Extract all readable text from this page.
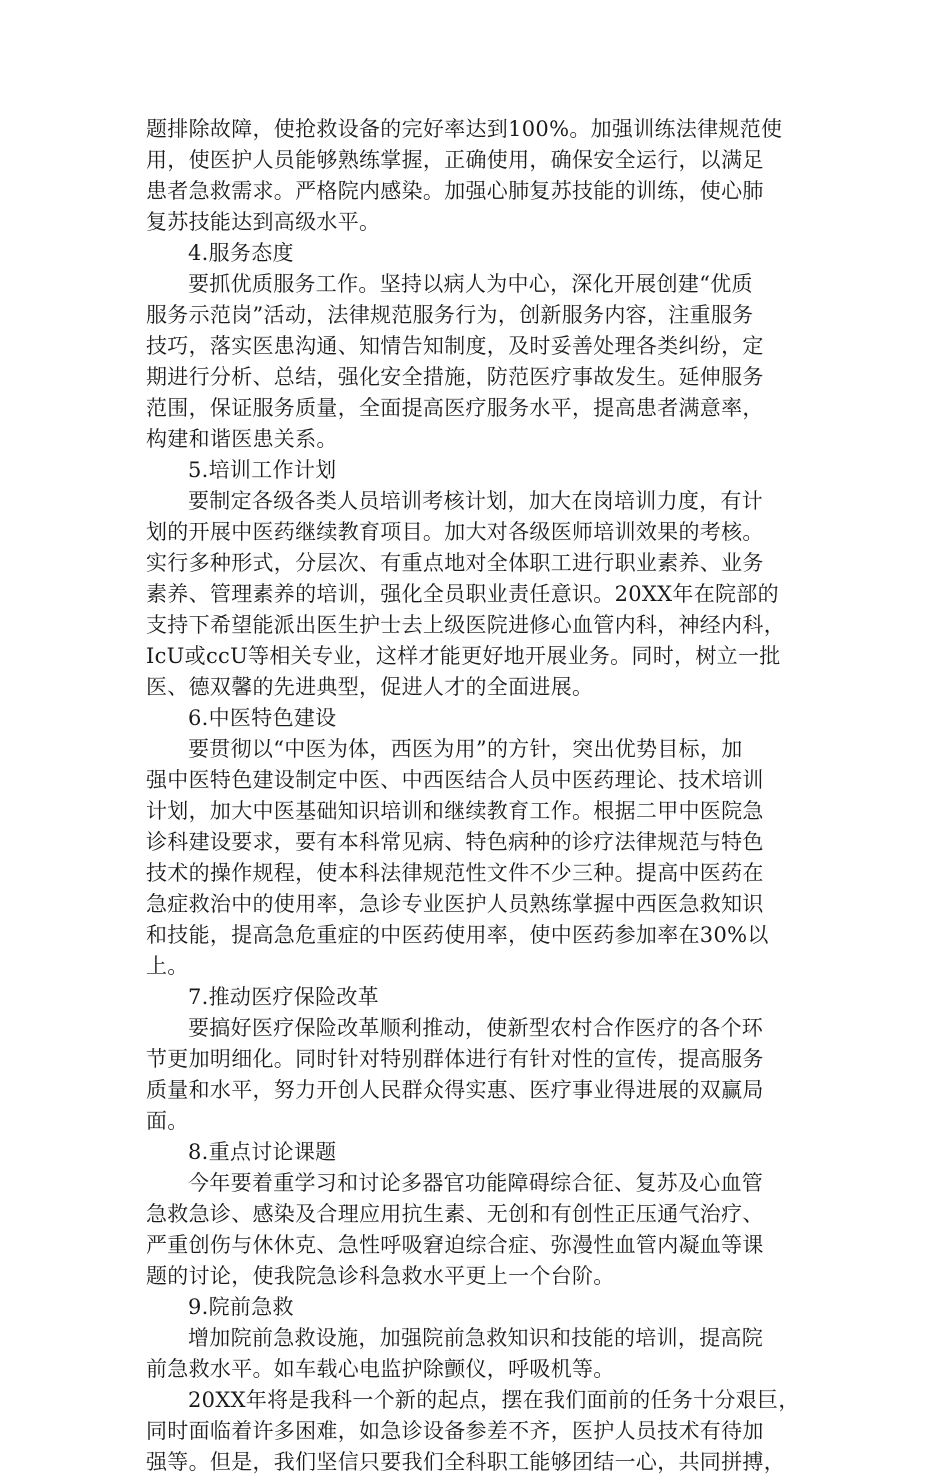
题排除故障，使抢救设备的完好率达到100%。加强训练法律规范使
用，使医护人员能够熟练掌握，正确使用，确保安全运行，以满足
患者急救需求。严格院内感染。加强心肺复苏技能的训练，使心肺
复苏技能达到高级水平。
4.服务态度
要抓优质服务工作。坚持以病人为中心，深化开展创建“优质
服务示范岗”活动，法律规范服务行为，创新服务内容，注重服务
技巧，落实医患沟通、知情告知制度，及时妥善处理各类纠纷，定
期进行分析、总结，强化安全措施，防范医疗事故发生。延伸服务
范围，保证服务质量，全面提高医疗服务水平，提高患者满意率，
构建和谐医患关系。
5.培训工作计划
要制定各级各类人员培训考核计划，加大在岗培训力度，有计
划的开展中医药继续教育项目。加大对各级医师培训效果的考核。
实行多种形式，分层次、有重点地对全体职工进行职业素养、业务
素养、管理素养的培训，强化全员职业责任意识。20XX年在院部的
支持下希望能派出医生护士去上级医院进修心血管内科，神经内科，
IcU或ccU等相关专业，这样才能更好地开展业务。同时，树立一批
医、德双馨的先进典型，促进人才的全面进展。
6.中医特色建设
要贯彻以“中医为体，西医为用”的方针，突出优势目标，加
强中医特色建设制定中医、中西医结合人员中医药理论、技术培训
计划，加大中医基础知识培训和继续教育工作。根据二甲中医院急
诊科建设要求，要有本科常见病、特色病种的诊疗法律规范与特色
技术的操作规程，使本科法律规范性文件不少三种。提高中医药在
急症救治中的使用率，急诊专业医护人员熟练掌握中西医急救知识
和技能，提高急危重症的中医药使用率，使中医药参加率在30%以
上。
7.推动医疗保险改革
要搞好医疗保险改革顺利推动，使新型农村合作医疗的各个环
节更加明细化。同时针对特别群体进行有针对性的宣传，提高服务
质量和水平，努力开创人民群众得实惠、医疗事业得进展的双赢局
面。
8.重点讨论课题
今年要着重学习和讨论多器官功能障碍综合征、复苏及心血管
急救急诊、感染及合理应用抗生素、无创和有创性正压通气治疗、
严重创伤与休休克、急性呼吸窘迫综合症、弥漫性血管内凝血等课
题的讨论，使我院急诊科急救水平更上一个台阶。
9.院前急救
增加院前急救设施，加强院前急救知识和技能的培训，提高院
前急救水平。如车载心电监护除颤仪，呼吸机等。
20XX年将是我科一个新的起点，摆在我们面前的任务十分艰巨，
同时面临着许多困难，如急诊设备参差不齐，医护人员技术有待加
强等。但是，我们坚信只要我们全科职工能够团结一心，共同拼搏，
